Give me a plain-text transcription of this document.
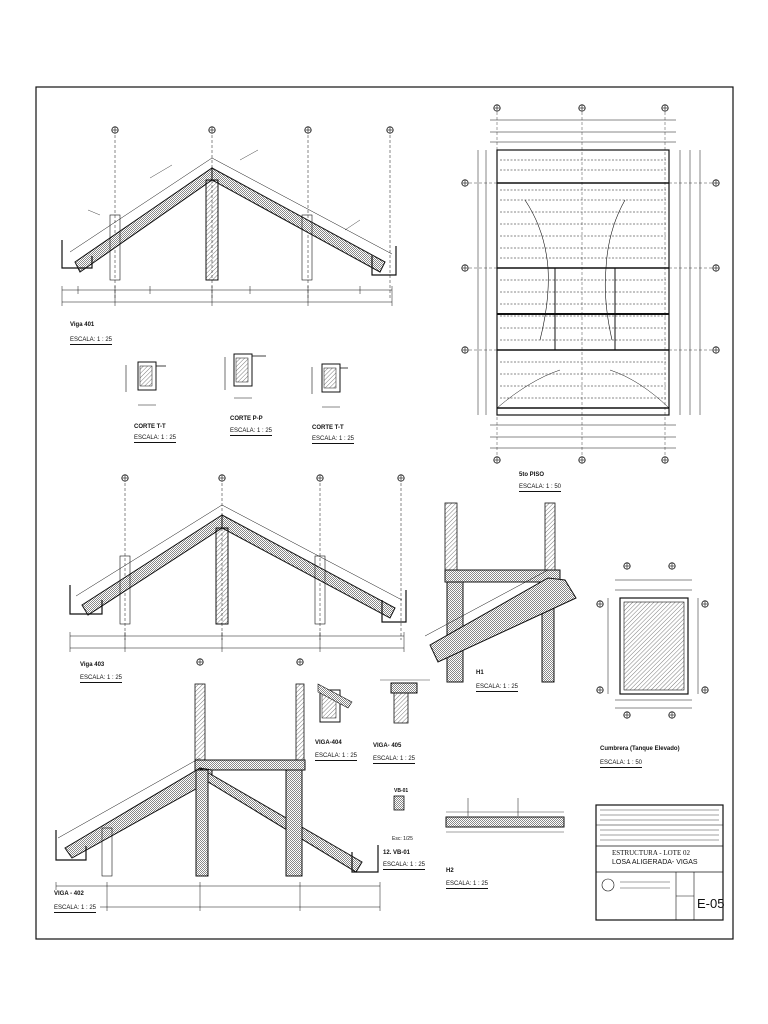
Viga 401
ESCALA: 1 : 25
CORTE T-T
ESCALA: 1 : 25
CORTE P-P
ESCALA: 1 : 25	CORTE T-T
ESCALA: 1 : 25
5to PISO
ESCALA: 1 : 50
Viga 403
ESCALA: 1 : 25
H1
ESCALA: 1 : 25
Cumbrera (Tanque Elevado)
ESCALA: 1 : 50
VIGA-404
ESCALA: 1 : 25
VIGA- 405
ESCALA: 1 : 25
VB-01
Esc: 1/25
12. VB-01
ESCALA: 1 : 25
VIGA - 402
ESCALA: 1 : 25
H2
ESCALA: 1 : 25
ESTRUCTURA - LOTE 02
LOSA ALIGERADA- VIGAS
E-05
